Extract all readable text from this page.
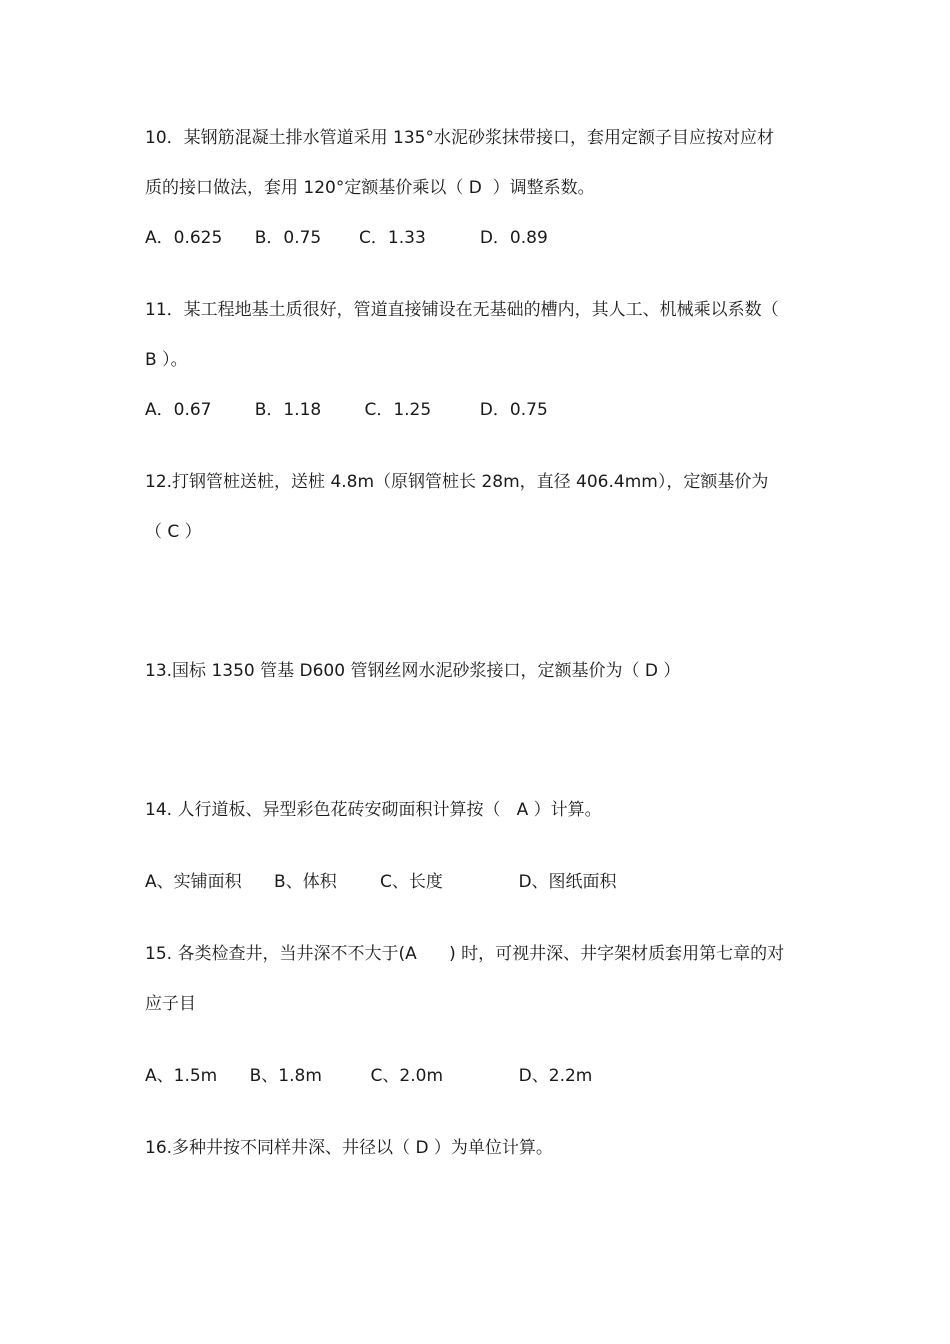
10．某钢筋混凝土排水管道采用 135°水泥砂浆抹带接口，套用定额子目应按对应材
质的接口做法，套用 120°定额基价乘以（ D  ）调整系数。
A．0.625      B．0.75       C．1.33          D．0.89
11．某工程地基土质很好，管道直接铺设在无基础的槽内，其人工、机械乘以系数（
B ）。
A．0.67        B．1.18        C．1.25         D．0.75
12.打钢管桩送桩，送桩 4.8m（原钢管桩长 28m，直径 406.4mm），定额基价为
（ C ）
13.国标 1350 管基 D600 管钢丝网水泥砂浆接口，定额基价为（ D ）
14. 人行道板、异型彩色花砖安砌面积计算按（   A ）计算。
A、实铺面积      B、体积        C、长度              D、图纸面积
15. 各类检查井，当井深不不大于(A      ) 时，可视井深、井字架材质套用第七章的对
应子目
A、1.5m      B、1.8m         C、2.0m              D、2.2m
16.多种井按不同样井深、井径以（ D ）为单位计算。
